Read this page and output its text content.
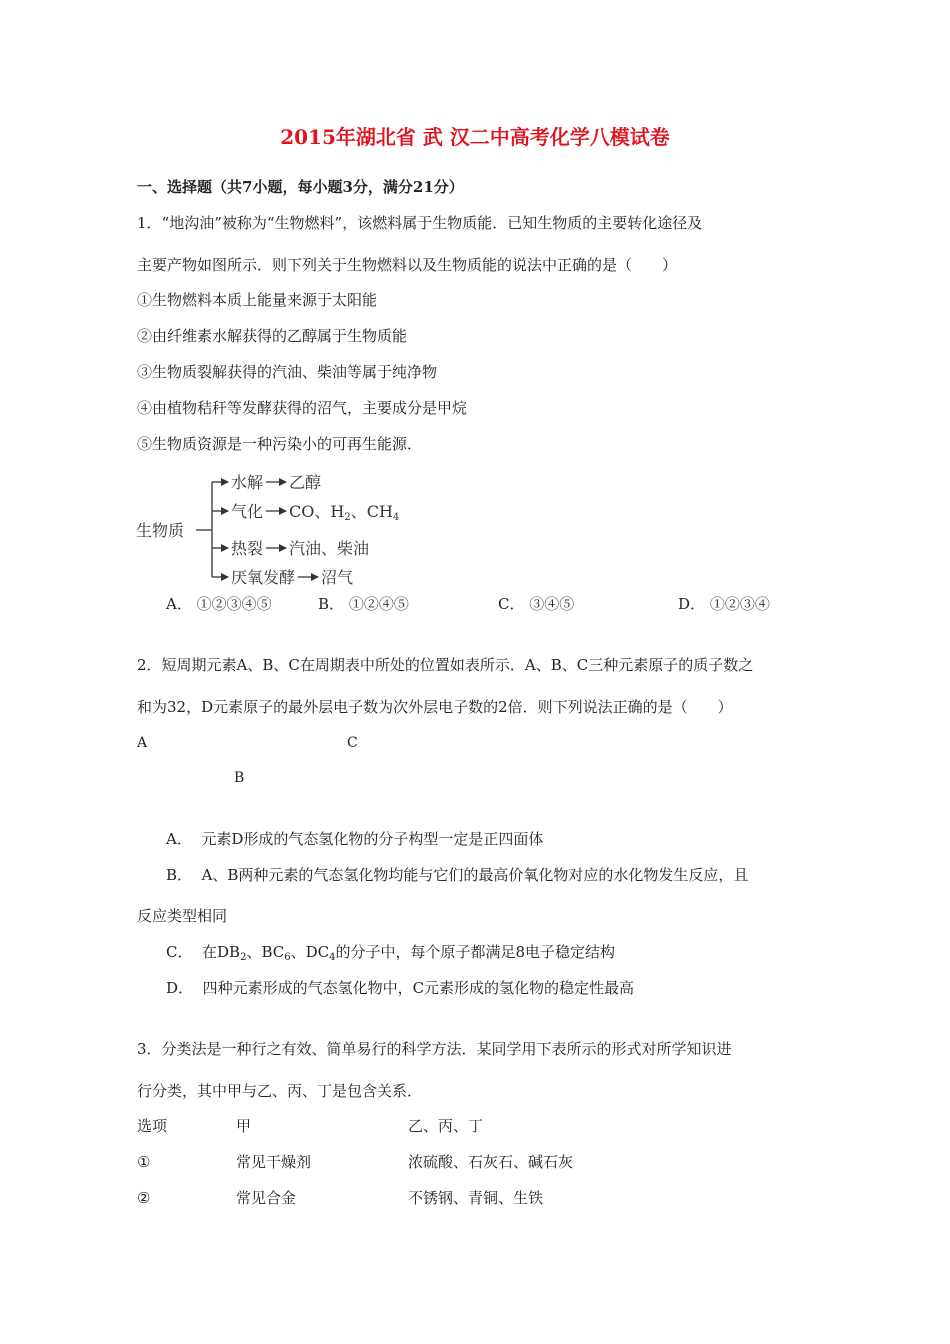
2015年湖北省 武 汉二中高考化学八模试卷
一、选择题（共7小题，每小题3分，满分21分）
1．“地沟油”被称为“生物燃料”，该燃料属于生物质能．已知生物质的主要转化途径及
主要产物如图所示．则下列关于生物燃料以及生物质能的说法中正确的是（　　）
①生物燃料本质上能量来源于太阳能
②由纤维素水解获得的乙醇属于生物质能
③生物质裂解获得的汽油、柴油等属于纯净物
④由植物秸秆等发酵获得的沼气，主要成分是甲烷
⑤生物质资源是一种污染小的可再生能源．
生物质
水解 乙醇
气化 CO、H2、CH4
热裂 汽油、柴油
厌氧发酵 沼气
A． ①②③④⑤	B． ①②④⑤	C． ③④⑤	D． ①②③④
2．短周期元素A、B、C在周期表中所处的位置如表所示．A、B、C三种元素原子的质子数之
和为32，D元素原子的最外层电子数为次外层电子数的2倍．则下列说法正确的是（　　）
A	C
B
A． 元素D形成的气态氢化物的分子构型一定是正四面体
B． A、B两种元素的气态氢化物均能与它们的最高价氧化物对应的水化物发生反应，且
反应类型相同
C． 在$DB_2$、$BC_6$、$DC_4$的分子中，每个原子都满足8电子稳定结构
D． 四种元素形成的气态氢化物中，C元素形成的氢化物的稳定性最高
3．分类法是一种行之有效、简单易行的科学方法．某同学用下表所示的形式对所学知识进
行分类，其中甲与乙、丙、丁是包含关系．
选项	甲	乙、丙、丁
①	常见干燥剂	浓硫酸、石灰石、碱石灰
②	常见合金	不锈钢、青铜、生铁
